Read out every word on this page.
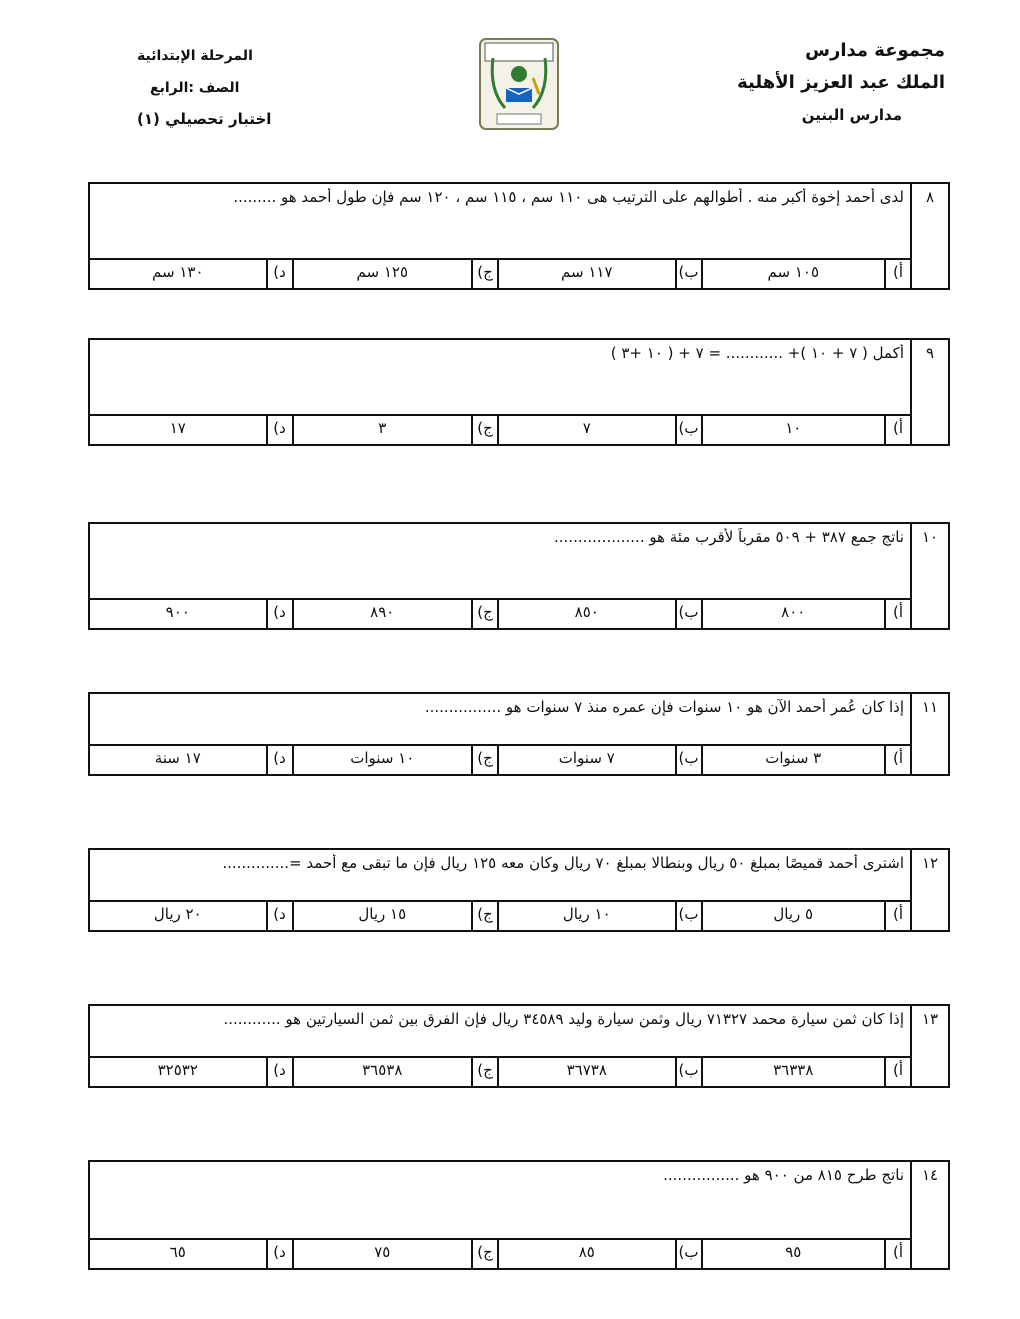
مجموعة مدارس
الملك عبد العزيز الأهلية
مدارس البنين
المرحلة الإبتدائية
الصف :الرابع
اختبار تحصيلي (١)
٨
لدى أحمد إخوة أكبر منه . أطوالهم على الترتيب هى ١١٠ سم ، ١١٥ سم ، ١٢٠ سم فإن طول أحمد هو .........
أ)
١٠٥ سم
ب)
١١٧ سم
ج)
١٢٥ سم
د)
١٣٠ سم
٩
أكمل ( ٧ + ١٠ )+ ............ = ٧ + ( ١٠ +٣ )
أ)
١٠
ب)
٧
ج)
٣
د)
١٧
١٠
ناتج جمع ٣٨٧ + ٥٠٩ مقرباً لأقرب مئة هو ...................
أ)
٨٠٠
ب)
٨٥٠
ج)
٨٩٠
د)
٩٠٠
١١
إذا كان عُمر أحمد الآن هو ١٠ سنوات فإن عمره منذ ٧ سنوات هو ................
أ)
٣ سنوات
ب)
٧ سنوات
ج)
١٠ سنوات
د)
١٧ سنة
١٢
اشترى أحمد قميصًا بمبلغ ٥٠ ريال وبنطالا بمبلغ ٧٠ ريال وكان معه ١٢٥ ريال فإن ما تبقى مع أحمد =..............
أ)
٥ ريال
ب)
١٠ ريال
ج)
١٥ ريال
د)
٢٠ ريال
١٣
إذا كان ثمن سيارة محمد ٧١٣٢٧ ريال وثمن سيارة وليد ٣٤٥٨٩ ريال فإن الفرق بين ثمن السيارتين هو ............
أ)
٣٦٣٣٨
ب)
٣٦٧٣٨
ج)
٣٦٥٣٨
د)
٣٢٥٣٢
١٤
ناتج طرح ٨١٥ من ٩٠٠ هو ................
أ)
٩٥
ب)
٨٥
ج)
٧٥
د)
٦٥
